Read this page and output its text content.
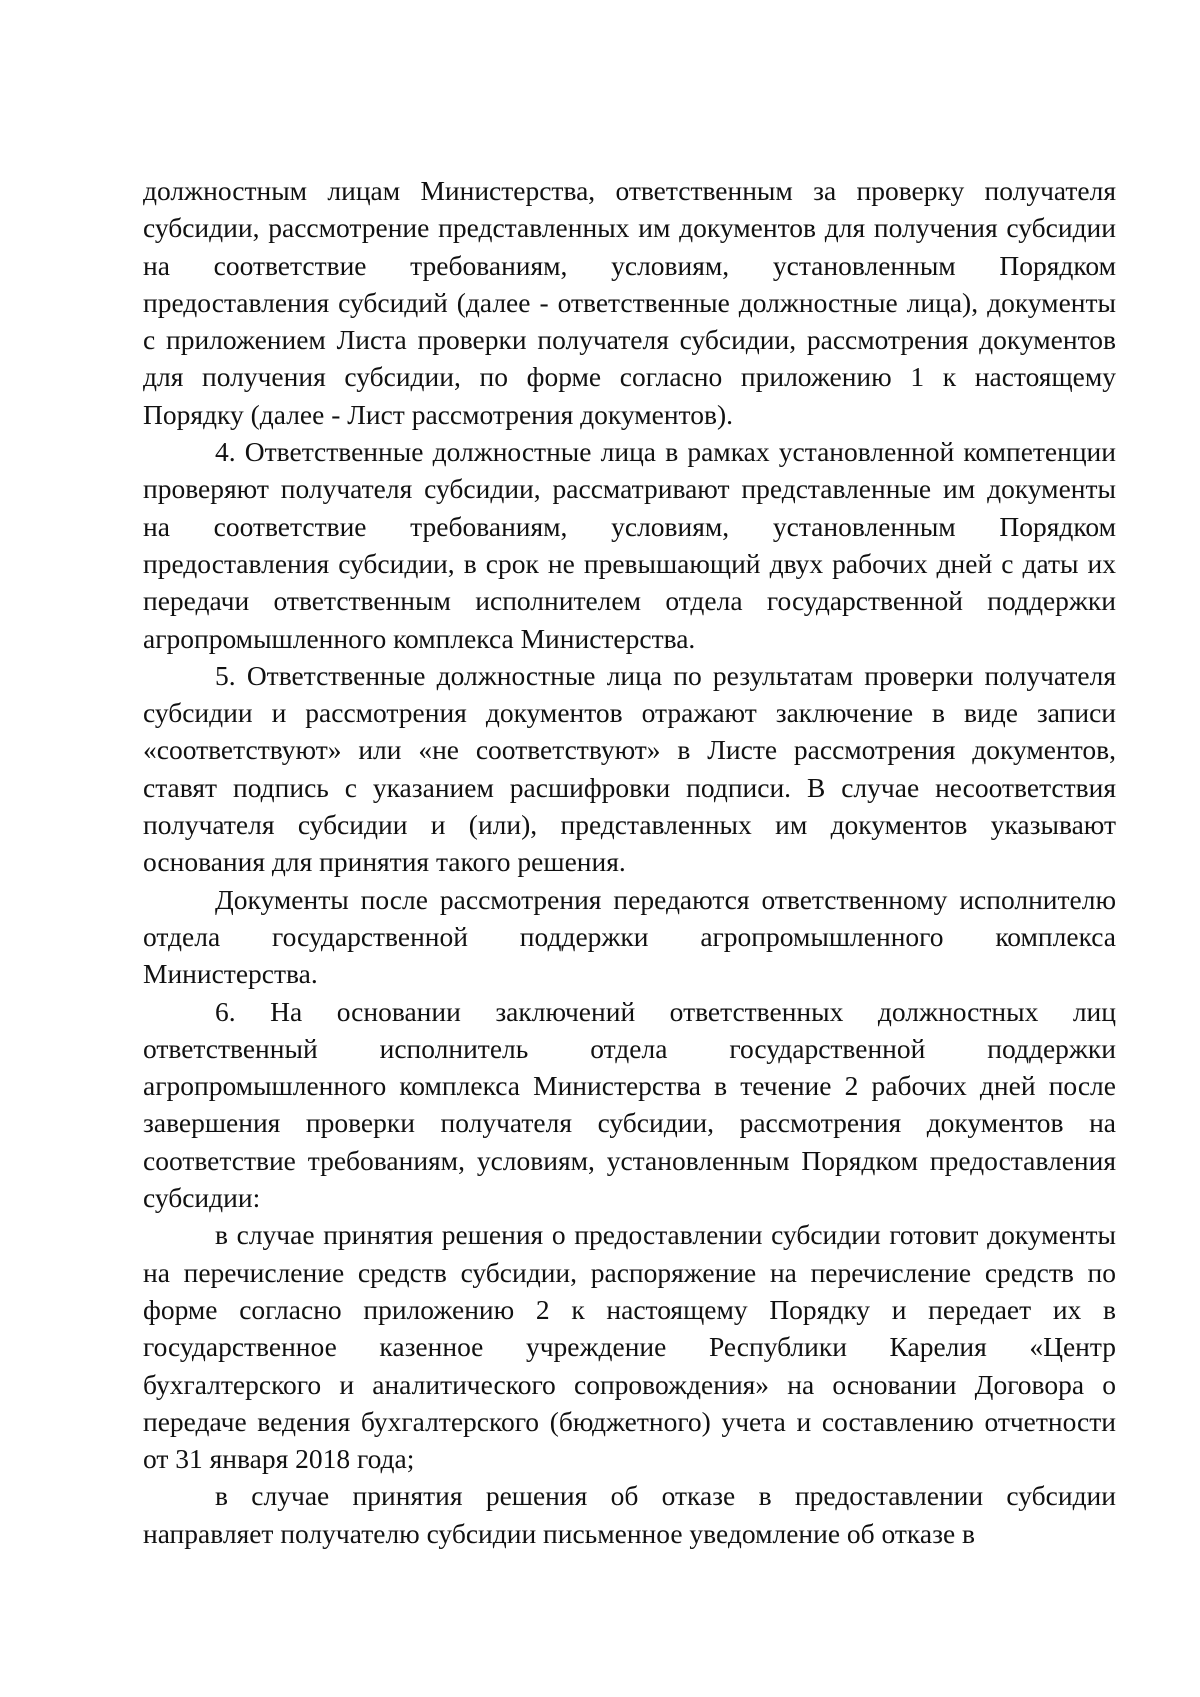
должностным лицам Министерства, ответственным за проверку получателя субсидии, рассмотрение представленных им документов для получения субсидии на соответствие требованиям, условиям, установленным Порядком предоставления субсидий (далее - ответственные должностные лица), документы с приложением Листа проверки получателя субсидии, рассмотрения документов для получения субсидии, по форме согласно приложению 1 к настоящему Порядку (далее - Лист рассмотрения документов).

4. Ответственные должностные лица в рамках установленной компетенции проверяют получателя субсидии, рассматривают представленные им документы на соответствие требованиям, условиям, установленным Порядком предоставления субсидии, в срок не превышающий двух рабочих дней с даты их передачи ответственным исполнителем отдела государственной поддержки агропромышленного комплекса Министерства.

5. Ответственные должностные лица по результатам проверки получателя субсидии и рассмотрения документов отражают заключение в виде записи «соответствуют» или «не соответствуют» в Листе рассмотрения документов, ставят подпись с указанием расшифровки подписи. В случае несоответствия получателя субсидии и (или), представленных им документов указывают основания для принятия такого решения.

Документы после рассмотрения передаются ответственному исполнителю отдела государственной поддержки агропромышленного комплекса Министерства.

6. На основании заключений ответственных должностных лиц ответственный исполнитель отдела государственной поддержки агропромышленного комплекса Министерства в течение 2 рабочих дней после завершения проверки получателя субсидии, рассмотрения документов на соответствие требованиям, условиям, установленным Порядком предоставления субсидии:

в случае принятия решения о предоставлении субсидии готовит документы на перечисление средств субсидии, распоряжение на перечисление средств по форме согласно приложению 2 к настоящему Порядку и передает их в государственное казенное учреждение Республики Карелия «Центр бухгалтерского и аналитического сопровождения» на основании Договора о передаче ведения бухгалтерского (бюджетного) учета и составлению отчетности от 31 января 2018 года;

в случае принятия решения об отказе в предоставлении субсидии направляет получателю субсидии письменное уведомление об отказе в
